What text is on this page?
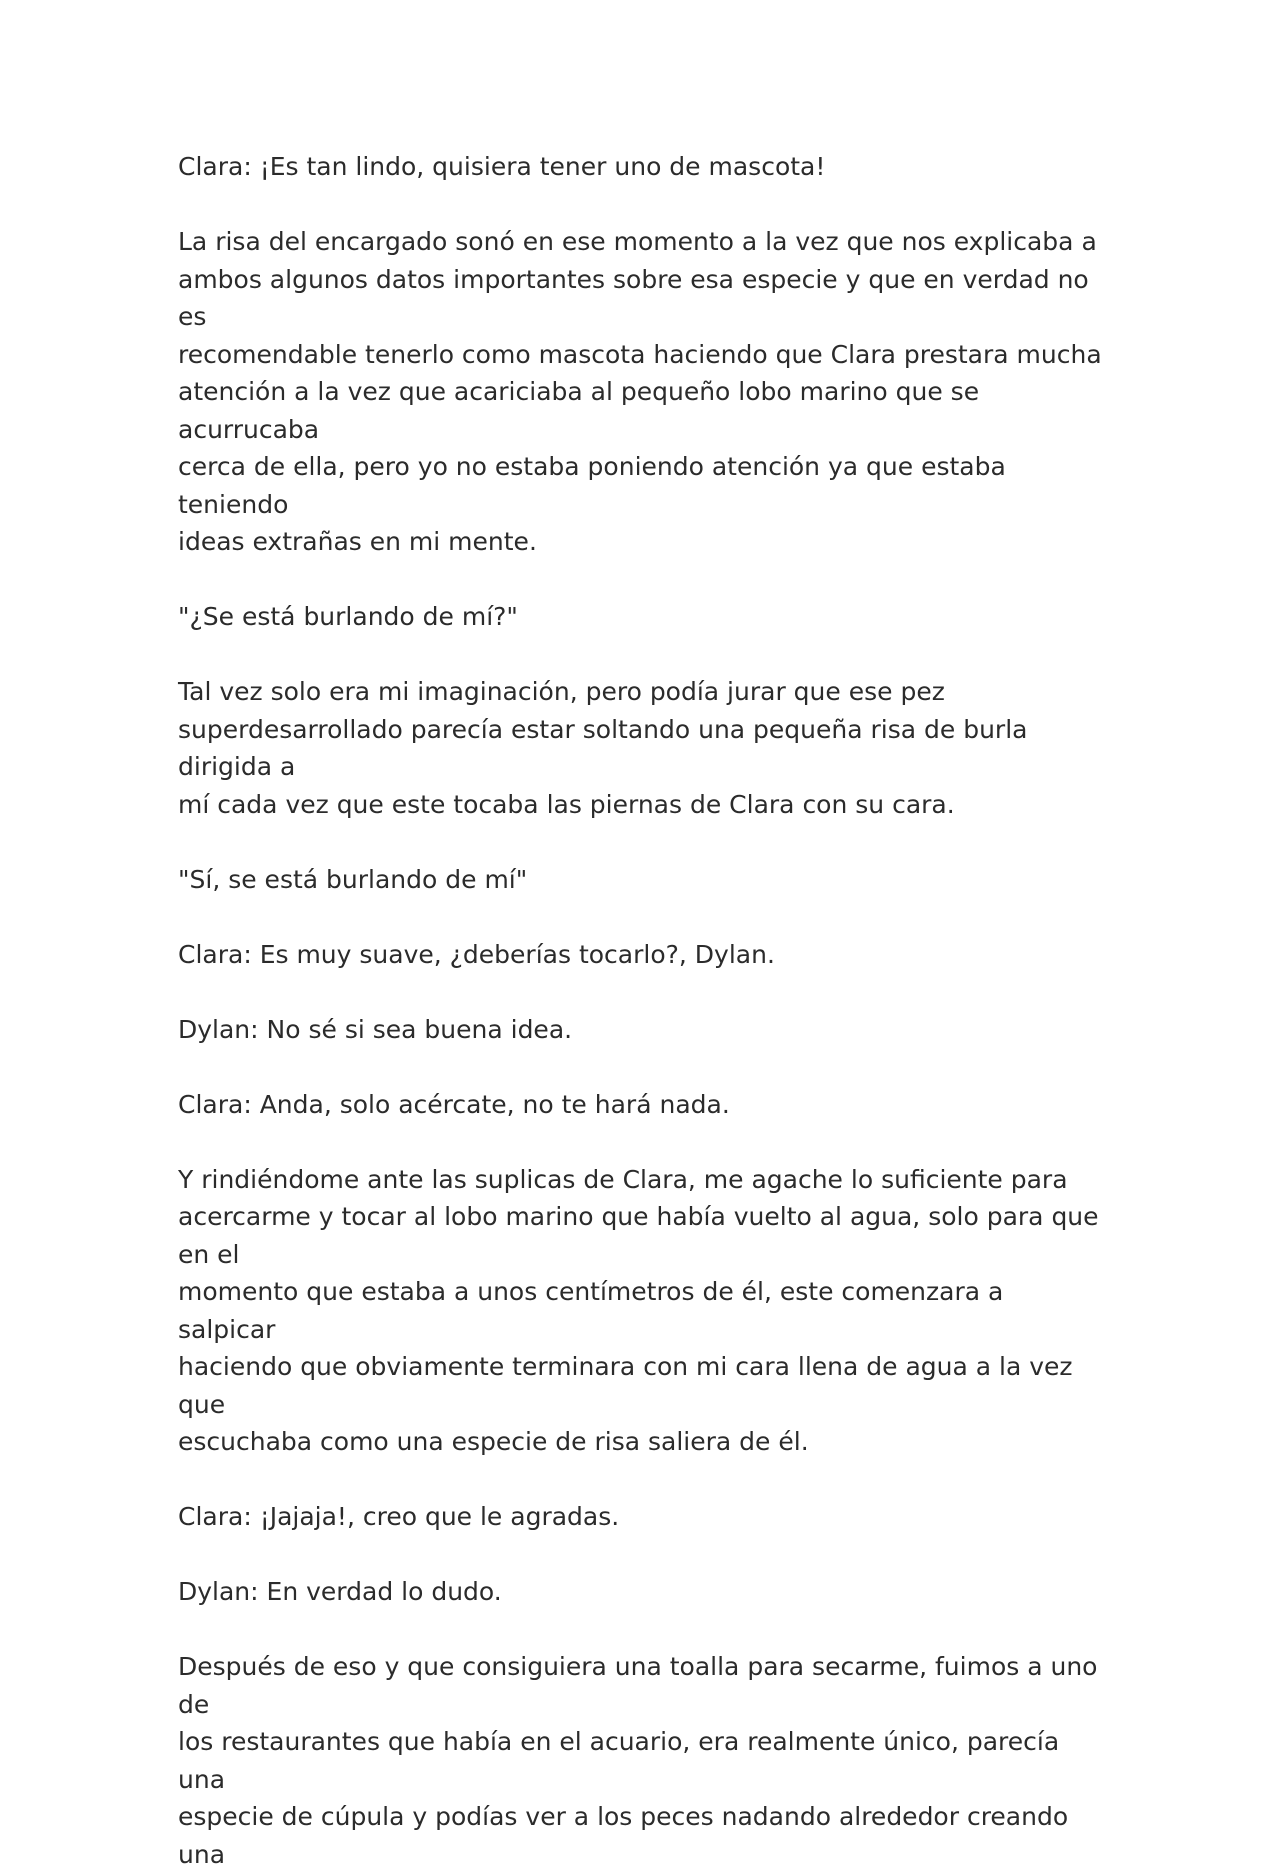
Clara: ¡Es tan lindo, quisiera tener uno de mascota!

La risa del encargado sonó en ese momento a la vez que nos explicaba a
ambos algunos datos importantes sobre esa especie y que en verdad no es
recomendable tenerlo como mascota haciendo que Clara prestara mucha
atención a la vez que acariciaba al pequeño lobo marino que se acurrucaba
cerca de ella, pero yo no estaba poniendo atención ya que estaba teniendo
ideas extrañas en mi mente.

"¿Se está burlando de mí?"

Tal vez solo era mi imaginación, pero podía jurar que ese pez
superdesarrollado parecía estar soltando una pequeña risa de burla dirigida a
mí cada vez que este tocaba las piernas de Clara con su cara.

"Sí, se está burlando de mí"

Clara: Es muy suave, ¿deberías tocarlo?, Dylan.

Dylan: No sé si sea buena idea.

Clara: Anda, solo acércate, no te hará nada.

Y rindiéndome ante las suplicas de Clara, me agache lo suficiente para
acercarme y tocar al lobo marino que había vuelto al agua, solo para que en el
momento que estaba a unos centímetros de él, este comenzara a salpicar
haciendo que obviamente terminara con mi cara llena de agua a la vez que
escuchaba como una especie de risa saliera de él.

Clara: ¡Jajaja!, creo que le agradas.

Dylan: En verdad lo dudo.

Después de eso y que consiguiera una toalla para secarme, fuimos a uno de
los restaurantes que había en el acuario, era realmente único, parecía una
especie de cúpula y podías ver a los peces nadando alrededor creando una
